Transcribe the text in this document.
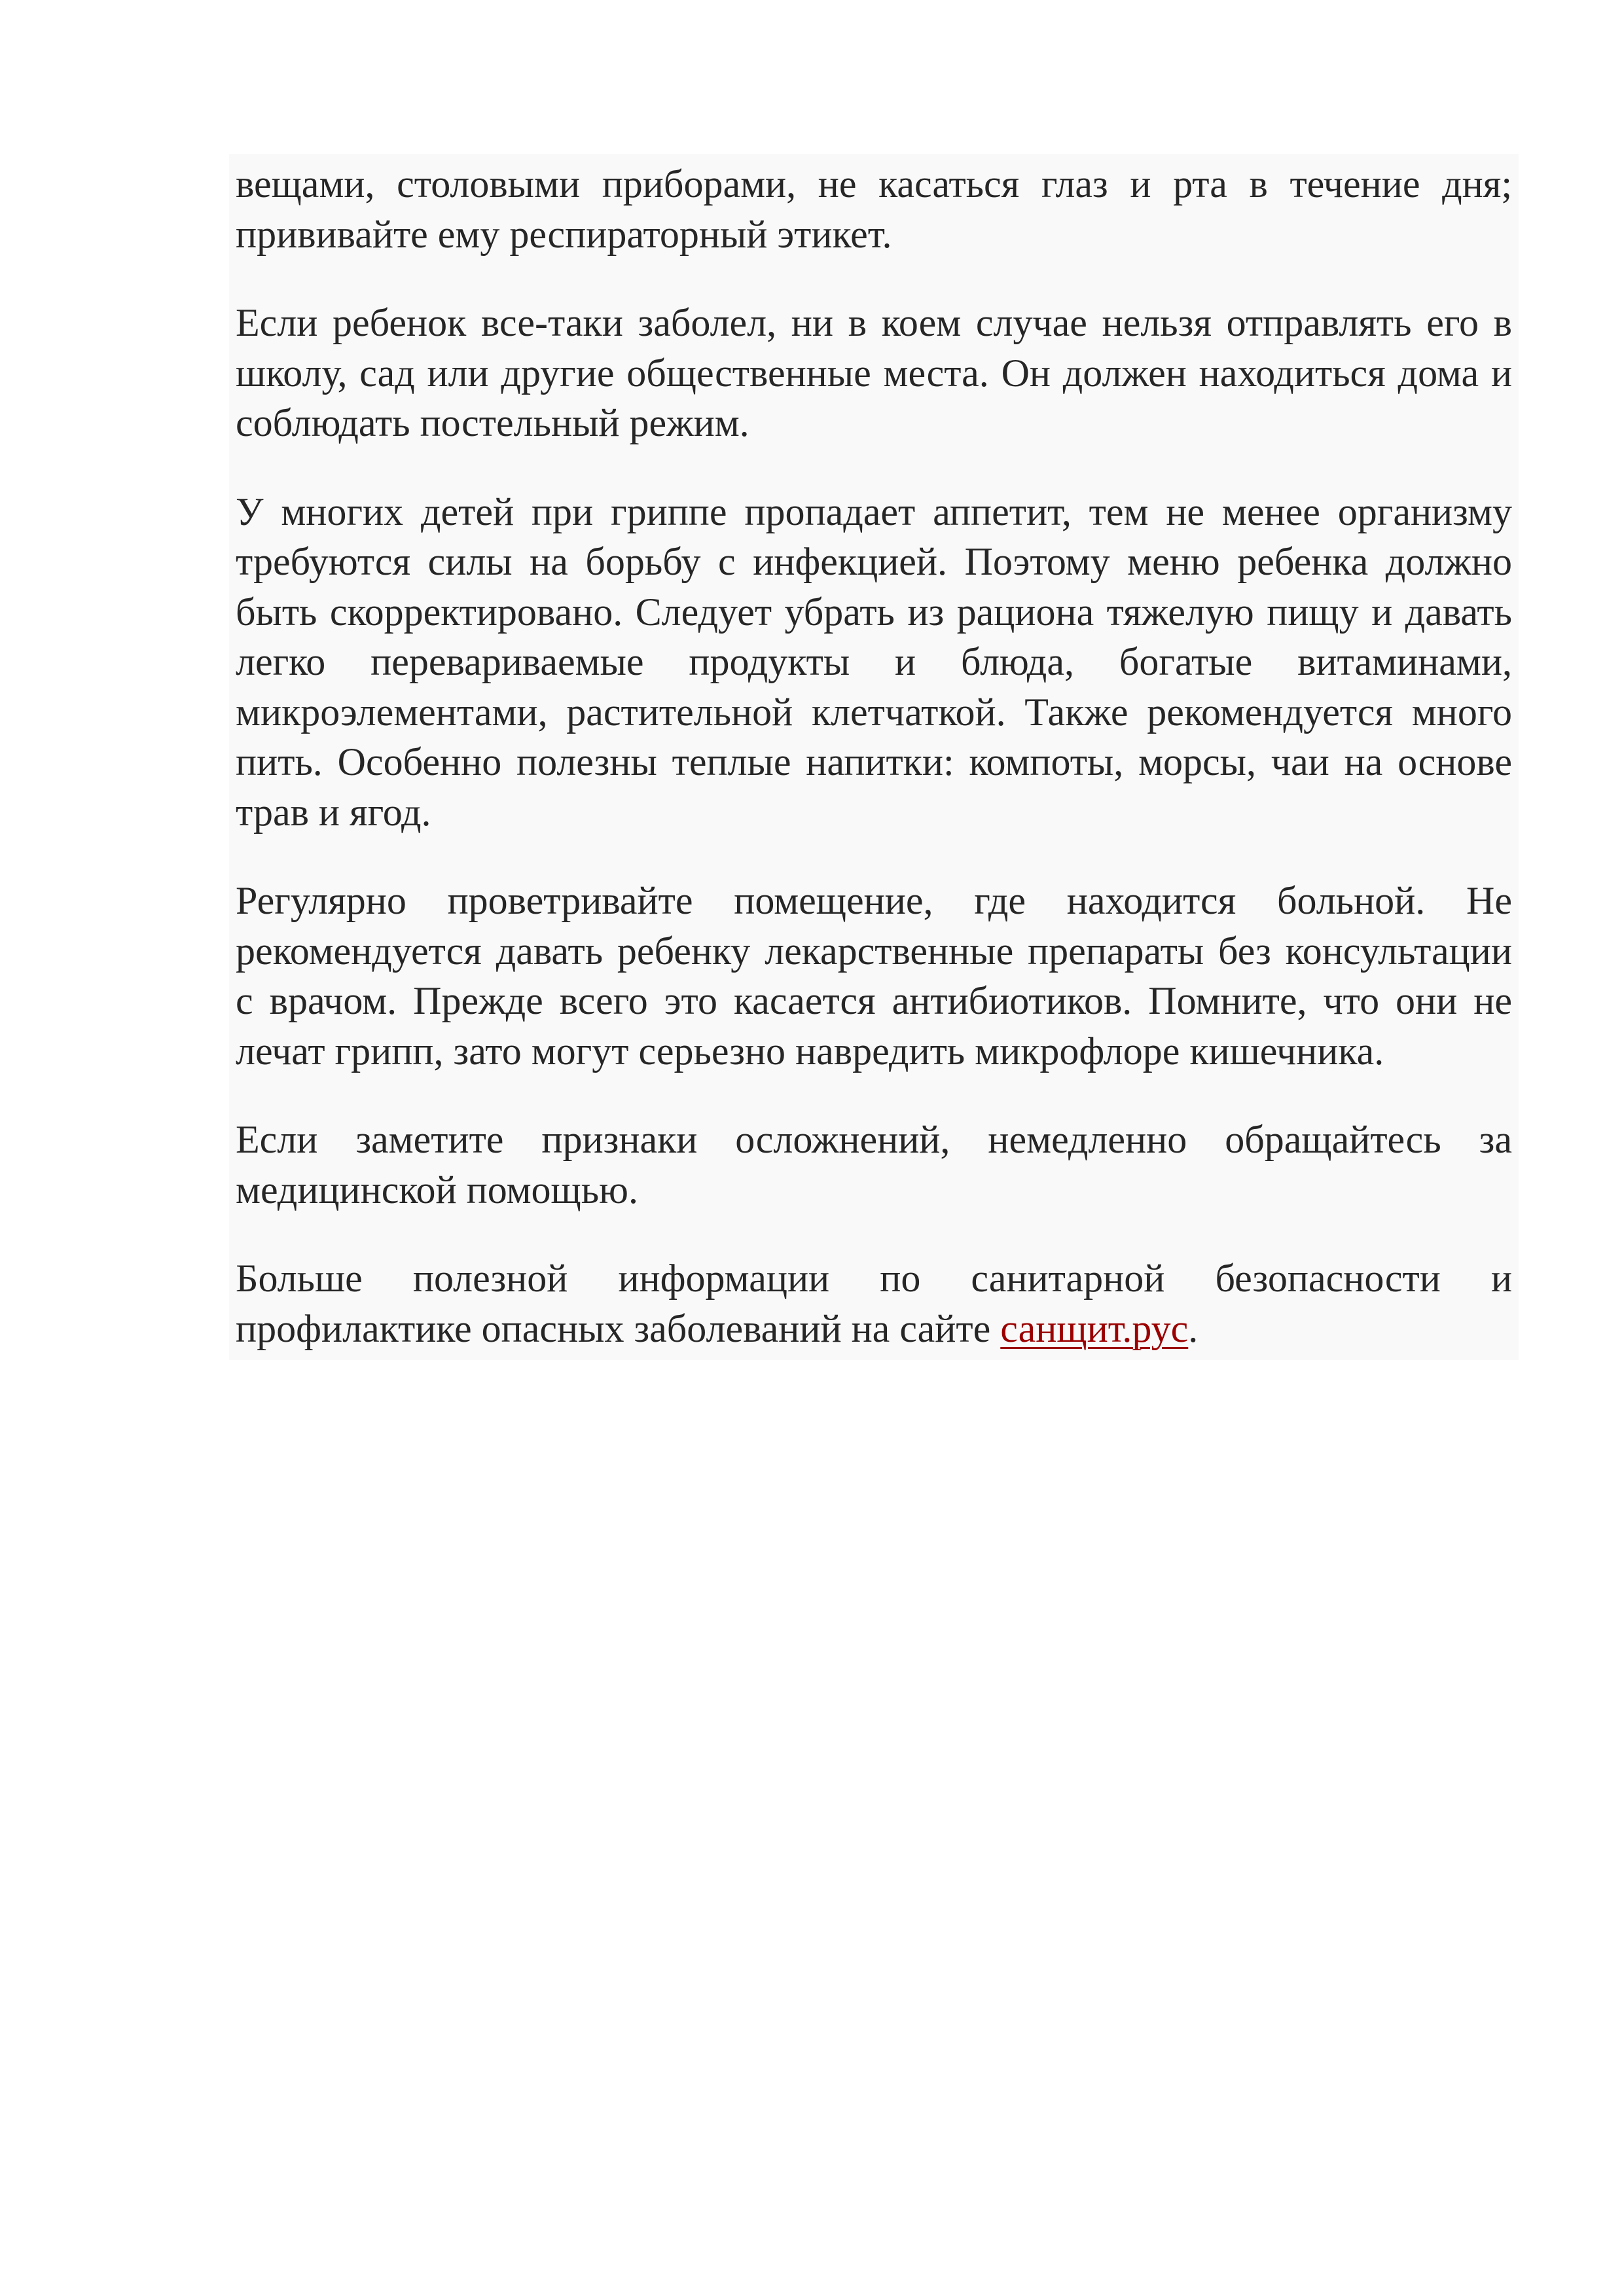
вещами, столовыми приборами, не касаться глаз и рта в течение дня; прививайте ему респираторный этикет.

Если ребенок все-таки заболел, ни в коем случае нельзя отправлять его в школу, сад или другие общественные места. Он должен находиться дома и соблюдать постельный режим.

У многих детей при гриппе пропадает аппетит, тем не менее организму требуются силы на борьбу с инфекцией. Поэтому меню ребенка должно быть скорректировано. Следует убрать из рациона тяжелую пищу и давать легко перевариваемые продукты и блюда, богатые витаминами, микроэлементами, растительной клетчаткой. Также рекомендуется много пить. Особенно полезны теплые напитки: компоты, морсы, чаи на основе трав и ягод.

Регулярно проветривайте помещение, где находится больной. Не рекомендуется давать ребенку лекарственные препараты без консультации с врачом. Прежде всего это касается антибиотиков. Помните, что они не лечат грипп, зато могут серьезно навредить микрофлоре кишечника.

Если заметите признаки осложнений, немедленно обращайтесь за медицинской помощью.

Больше полезной информации по санитарной безопасности и профилактике опасных заболеваний на сайте санщит.рус.
